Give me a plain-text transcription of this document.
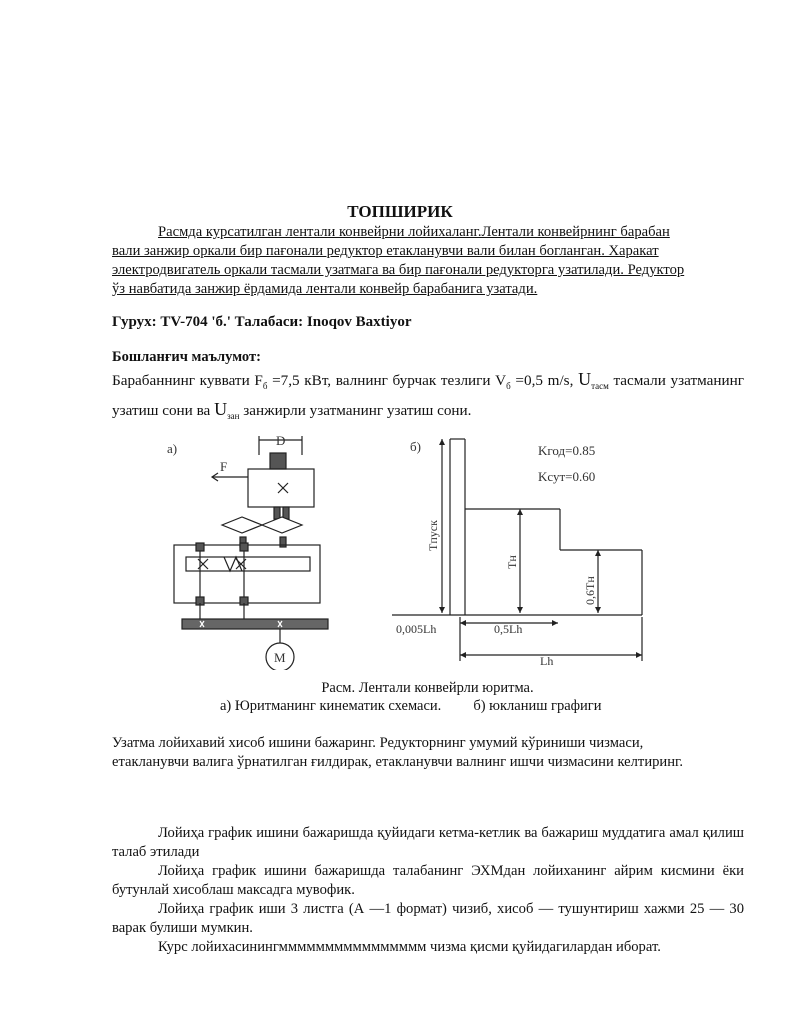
ТОПШИРИК
Расмда курсатилган лентали конвейрни лойихаланг.Лентали конвейрнинг барабан
вали занжир оркали бир пағонали редуктор етакланувчи вали билан богланган. Харакат
электродвигатель оркали тасмали узатмага ва бир пағонали редукторга узатилади. Редуктор
ўз навбатида занжир ёрдамида лентали конвейр барабанига узатади.
Гурух: TV-704 'б.' Талабаси: Inoqov Baxtiyor
Бошланғич маълумот:
Барабаннинг куввати $F_б =7,5$ кВт, валнинг бурчак тезлиги $V_б =0,5$ m/s, $U_{тасм}$ тасмали узатманинг узатиш сони ва $U_{зан}$ занжирли узатманинг узатиш сони.
а)
D
F
M
б)	Kгод=0.85
Kсут=0.60
Tпуск
Tн
0,6Tн
0,005Lh	0,5Lh
Lh
Расм. Лентали конвейрли юритма.
а) Юритманинг кинематик схемаси. б) юкланиш графиги
Узатма лойихавий хисоб ишини бажаринг. Редукторнинг умумий кўриниши чизмаси,
етакланувчи валига ўрнатилган ғилдирак, етакланувчи валнинг ишчи чизмасини келтиринг.

Лойиҳа график ишини бажаришда қуйидаги кетма-кетлик ва бажариш муддатига амал қилиш талаб этилади

Лойиҳа график ишини бажаришда талабанинг ЭХМдан лойиханинг айрим кисмини ёки бутунлай хисоблаш максадга мувофик.

Лойиҳа график иши 3 листга (А —1 формат) чизиб, хисоб — тушунтириш хажми 25 — 30 варак булиши мумкин.

Курс лойихасинингмммммммммммммммм чизма қисми қуйидагилардан иборат.
